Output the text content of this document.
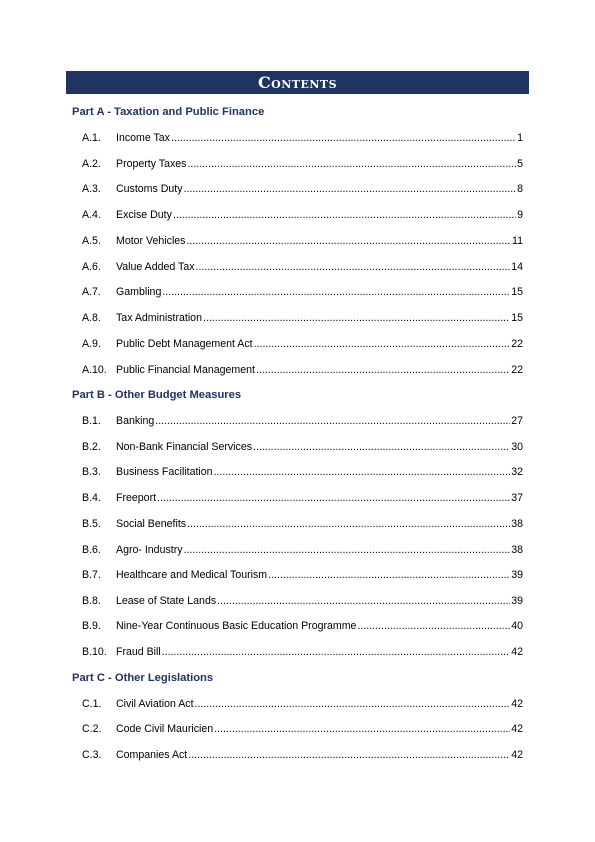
Contents
Part A - Taxation and Public Finance
A.1.	Income Tax .....	1
A.2.	Property Taxes .....	5
A.3.	Customs Duty .....	8
A.4.	Excise Duty .....	9
A.5.	Motor Vehicles .....	11
A.6.	Value Added Tax .....	14
A.7.	Gambling .....	15
A.8.	Tax Administration .....	15
A.9.	Public Debt Management Act .....	22
A.10. Public Financial Management .....	22
Part B - Other Budget Measures
B.1.	Banking .....	27
B.2.	Non-Bank Financial Services .....	30
B.3.	Business Facilitation .....	32
B.4.	Freeport .....	37
B.5.	Social Benefits .....	38
B.6.	Agro- Industry .....	38
B.7.	Healthcare and Medical Tourism .....	39
B.8.	Lease of State Lands .....	39
B.9.	Nine-Year Continuous Basic Education Programme .....	40
B.10. Fraud Bill .....	42
Part C - Other Legislations
C.1.	Civil Aviation Act .....	42
C.2.	Code Civil Mauricien .....	42
C.3.	Companies Act .....	42
